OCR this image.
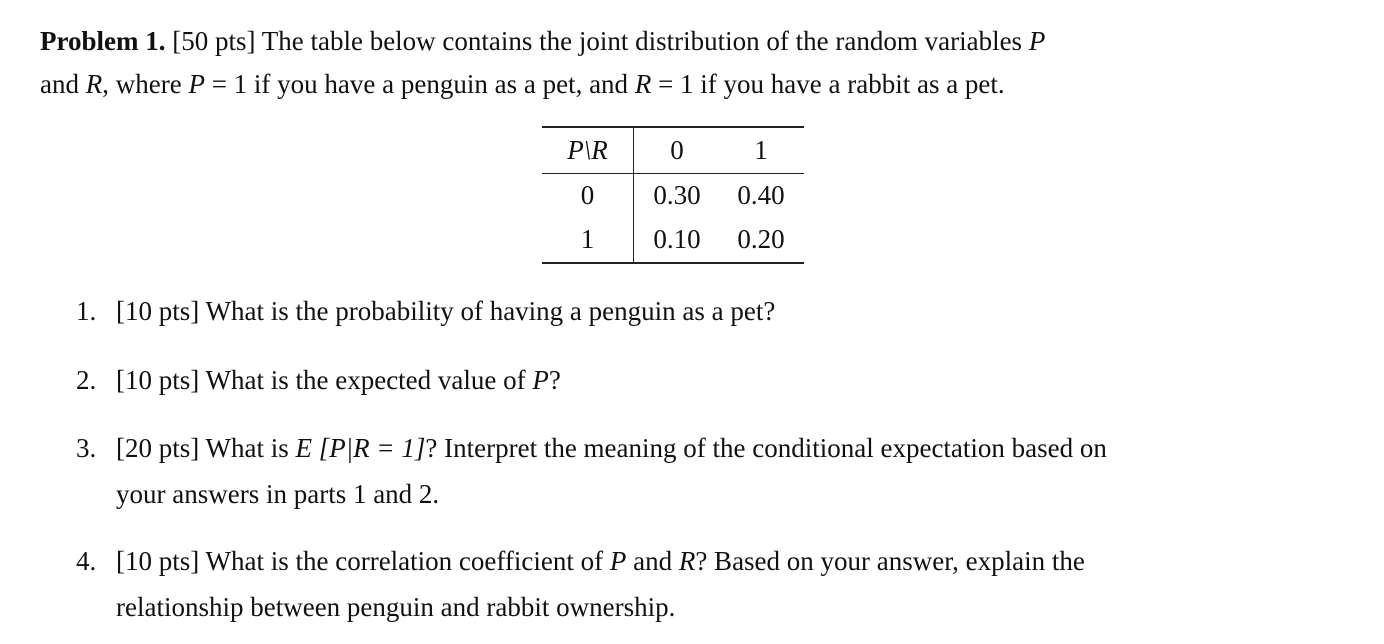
Problem 1. [50 pts] The table below contains the joint distribution of the random variables P
and R, where P = 1 if you have a penguin as a pet, and R = 1 if you have a rabbit as a pet.
P\R	0	1
0	0.30	0.40
1	0.10	0.20
1. [10 pts] What is the probability of having a penguin as a pet?
2. [10 pts] What is the expected value of P?
3. [20 pts] What is E [P|R = 1]? Interpret the meaning of the conditional expectation based on
your answers in parts 1 and 2.
4. [10 pts] What is the correlation coefficient of P and R? Based on your answer, explain the
relationship between penguin and rabbit ownership.
